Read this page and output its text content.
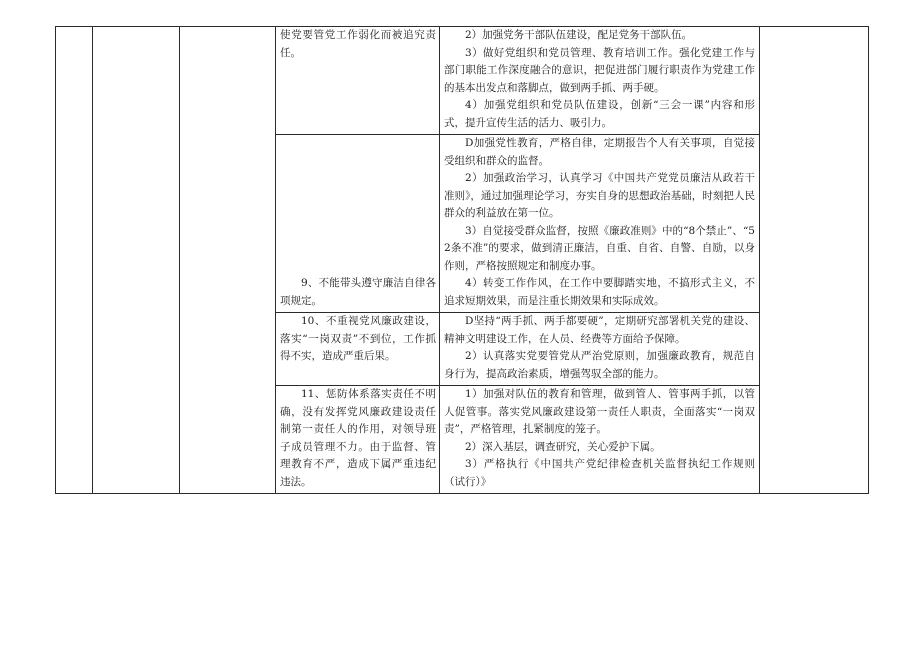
			使党要管党工作弱化而被追究责任。	2）加强党务干部队伍建设，配足党务干部队伍。

3）做好党组织和党员管理、教育培训工作。强化党建工作与部门职能工作深度融合的意识，把促进部门履行职责作为党建工作的基本出发点和落脚点，做到两手抓、两手硬。

4）加强党组织和党员队伍建设，创新“三会一课”内容和形式，提升宣传生活的活力、吸引力。	

			9、不能带头遵守廉洁自律各项规定。	D加强党性教育，严格自律，定期报告个人有关事项，自觉接受组织和群众的监督。

2）加强政治学习，认真学习《中国共产党党员廉洁从政若干准则》，通过加强理论学习，夯实自身的思想政治基础，时刻把人民群众的利益放在第一位。

3）自觉接受群众监督，按照《廉政准则》中的“8个禁止”、“52条不准”的要求，做到清正廉洁，自重、自省、自警、自励，以身作则，严格按照规定和制度办事。

4）转变工作作风，在工作中要脚踏实地，不搞形式主义，不追求短期效果，而是注重长期效果和实际成效。	

			10、不重视党风廉政建设，落实“一岗双责”不到位，工作抓得不实，造成严重后果。	D坚持“两手抓、两手都要硬”，定期研究部署机关党的建设、精神文明建设工作，在人员、经费等方面给予保障。

2）认真落实党要管党从严治党原则，加强廉政教育，规范自身行为，提高政治素质，增强驾驭全部的能力。	

			11、惩防体系落实责任不明确，没有发挥党风廉政建设责任制第一责任人的作用，对领导班子成员管理不力。由于监督、管理教育不严，造成下属严重违纪违法。	1）加强对队伍的教育和管理，做到管人、管事两手抓，以管人促管事。落实党风廉政建设第一责任人职责，全面落实“一岗双责”，严格管理，扎紧制度的笼子。

2）深入基层，调查研究，关心爱护下属。

3）严格执行《中国共产党纪律检查机关监督执纪工作规则（试行）》	
